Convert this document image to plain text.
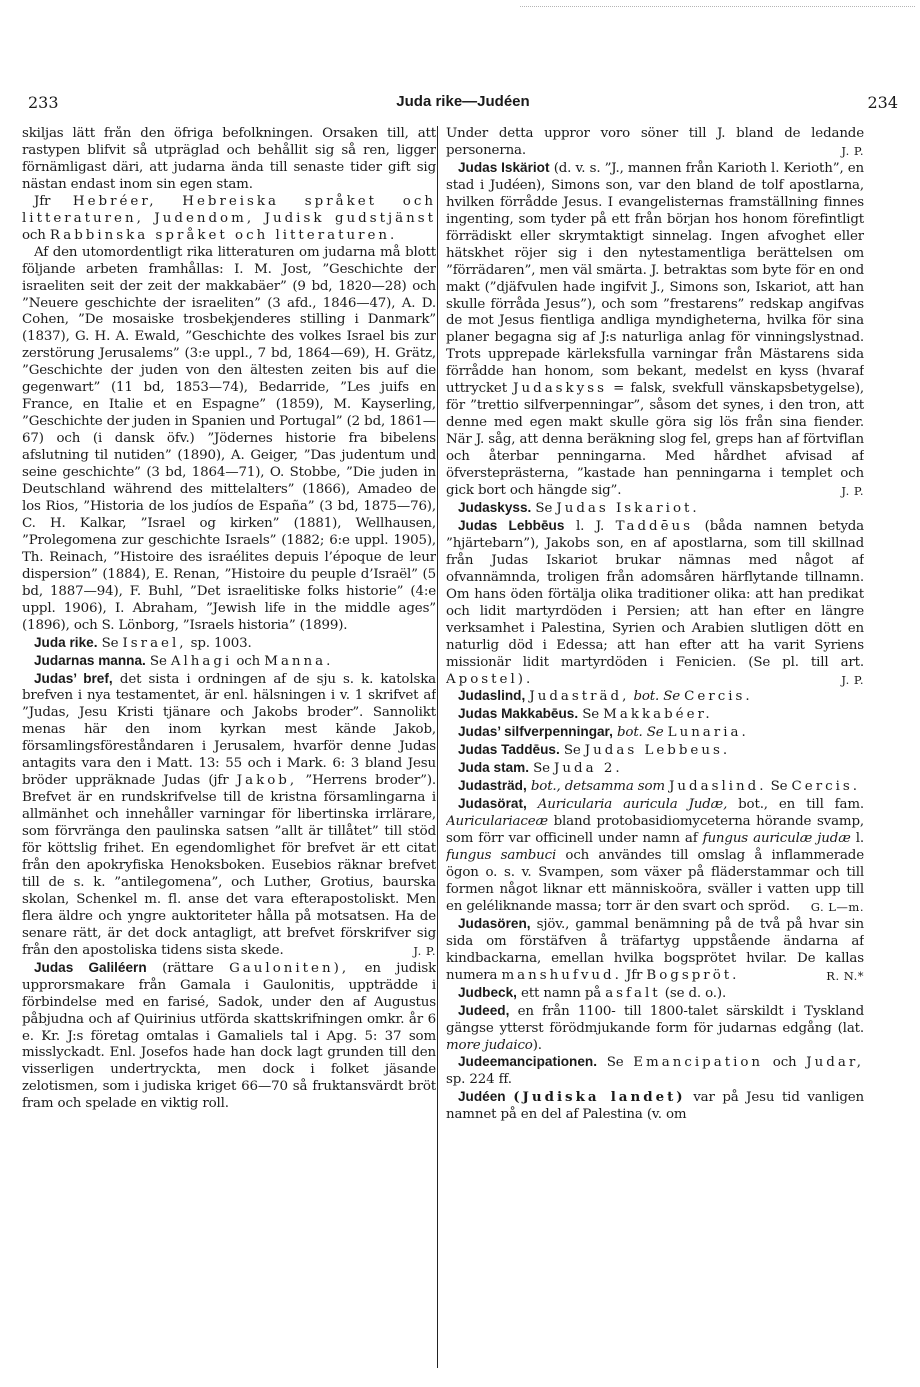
233	Juda rike—Judéen	234

skiljas lätt från den öfriga befolkningen. Orsaken till, att rastypen blifvit så utpräglad och behållit sig så ren, ligger förnämligast däri, att judarna ända till senaste tider gift sig nästan endast inom sin egen stam.

Jfr Hebréer, Hebreiska språket och litteraturen, Judendom, Judisk gudstjänst och Rabbinska språket och litteraturen.

Af den utomordentligt rika litteraturen om judarna må blott följande arbeten framhållas: I. M. Jost, ”Geschichte der israeliten seit der zeit der makkabäer” (9 bd, 1820—28) och ”Neuere geschichte der israeliten” (3 afd., 1846—47), A. D. Cohen, ”De mosaiske trosbekjenderes stilling i Danmark” (1837), G. H. A. Ewald, ”Geschichte des volkes Israel bis zur zerstörung Jerusalems” (3:e uppl., 7 bd, 1864—69), H. Grätz, ”Geschichte der juden von den ältesten zeiten bis auf die gegenwart” (11 bd, 1853—74), Bedarride, ”Les juifs en France, en Italie et en Espagne” (1859), M. Kayserling, ”Geschichte der juden in Spanien und Portugal” (2 bd, 1861—67) och (i dansk öfv.) ”Jödernes historie fra bibelens afslutning til nutiden” (1890), A. Geiger, ”Das judentum und seine geschichte” (3 bd, 1864—71), O. Stobbe, ”Die juden in Deutschland während des mittelalters” (1866), Amadeo de los Rios, ”Historia de los judíos de España” (3 bd, 1875—76), C. H. Kalkar, ”Israel og kirken” (1881), Wellhausen, ”Prolegomena zur geschichte Israels” (1882; 6:e uppl. 1905), Th. Reinach, ”Histoire des israélites depuis l’époque de leur dispersion” (1884), E. Renan, ”Histoire du peuple d’Israël” (5 bd, 1887—94), F. Buhl, ”Det israelitiske folks historie” (4:e uppl. 1906), I. Abraham, ”Jewish life in the middle ages” (1896), och S. Lönborg, ”Israels historia” (1899).

Juda rike. Se Israel, sp. 1003.

Judarnas manna. Se Alhagi och Manna.

Judas’ bref, det sista i ordningen af de sju s. k. katolska brefven i nya testamentet, är enl. hälsningen i v. 1 skrifvet af ”Judas, Jesu Kristi tjänare och Jakobs broder”. Sannolikt menas här den inom kyrkan mest kände Jakob, församlingsföreståndaren i Jerusalem, hvarför denne Judas antagits vara den i Matt. 13: 55 och i Mark. 6: 3 bland Jesu bröder uppräknade Judas (jfr Jakob, ”Herrens broder”). Brefvet är en rundskrifvelse till de kristna församlingarna i allmänhet och innehåller varningar för libertinska irrlärare, som förvränga den paulinska satsen ”allt är tillåtet” till stöd för köttslig frihet. En egendomlighet för brefvet är ett citat från den apokryfiska Henoksboken. Eusebios räknar brefvet till de s. k. ”antilegomena”, och Luther, Grotius, baurska skolan, Schenkel m. fl. anse det vara efterapostoliskt. Men flera äldre och yngre auktoriteter hålla på motsatsen. Ha de senare rätt, är det dock antagligt, att brefvet förskrifver sig från den apostoliska tidens sista skede.	J. P.

Judas Galiléern (rättare Gauloniten), en judisk upprorsmakare från Gamala i Gaulonitis, uppträdde i förbindelse med en farisé, Sadok, under den af Augustus påbjudna och af Quirinius utförda skattskrifningen omkr. år 6 e. Kr. J:s företag omtalas i Gamaliels tal i Apg. 5: 37 som misslyckadt. Enl. Josefos hade han dock lagt grunden till den visserligen undertryckta, men dock i folket jäsande zelotismen, som i judiska kriget 66—70 så fruktansvärdt bröt fram och spelade en viktig roll.

Under detta uppror voro söner till J. bland de ledande personerna.	J. P.

Judas Iskäriot (d. v. s. ”J., mannen från Karioth l. Kerioth”, en stad i Judéen), Simons son, var den bland de tolf apostlarna, hvilken förrådde Jesus. I evangelisternas framställning finnes ingenting, som tyder på ett från början hos honom förefintligt förrädiskt eller skrymtaktigt sinnelag. Ingen afvoghet eller hätskhet röjer sig i den nytestamentliga berättelsen om ”förrädaren”, men väl smärta. J. betraktas som byte för en ond makt (”djäfvulen hade ingifvit J., Simons son, Iskariot, att han skulle förråda Jesus”), och som ”frestarens” redskap angifvas de mot Jesus fientliga andliga myndigheterna, hvilka för sina planer begagna sig af J:s naturliga anlag för vinningslystnad. Trots upprepade kärleksfulla varningar från Mästarens sida förrådde han honom, som bekant, medelst en kyss (hvaraf uttrycket Judaskyss = falsk, svekfull vänskapsbetygelse), för ”trettio silfverpenningar”, såsom det synes, i den tron, att denne med egen makt skulle göra sig lös från sina fiender. När J. såg, att denna beräkning slog fel, greps han af förtviflan och återbar penningarna. Med hårdhet afvisad af öfversteprästerna, ”kastade han penningarna i templet och gick bort och hängde sig”.	J. P.

Judaskyss. Se Judas Iskariot.

Judas Lebbēus l. J. Taddēus (båda namnen betyda ”hjärtebarn”), Jakobs son, en af apostlarna, som till skillnad från Judas Iskariot brukar nämnas med något af ofvannämnda, troligen från adomsåren härflytande tillnamn. Om hans öden förtälja olika traditioner olika: att han predikat och lidit martyrdöden i Persien; att han efter en längre verksamhet i Palestina, Syrien och Arabien slutligen dött en naturlig död i Edessa; att han efter att ha varit Syriens missionär lidit martyrdöden i Fenicien. (Se pl. till art. Apostel).	J. P.

Judaslind, Judasträd, bot. Se Cercis.

Judas Makkabēus. Se Makkabéer.

Judas’ silfverpenningar, bot. Se Lunaria.

Judas Taddēus. Se Judas Lebbeus.

Juda stam. Se Juda 2.

Judasträd, bot., detsamma som Judaslind. Se Cercis.

Judasörat, Auricularia auricula Judæ, bot., en till fam. Auriculariaceæ bland protobasidiomyceterna hörande svamp, som förr var officinell under namn af fungus auriculæ judæ l. fungus sambuci och användes till omslag å inflammerade ögon o. s. v. Svampen, som växer på fläderstammar och till formen något liknar ett människoöra, sväller i vatten upp till en geléliknande massa; torr är den svart och spröd.	G. L—m.

Judasören, sjöv., gammal benämning på de två på hvar sin sida om förstäfven å träfartyg uppstående ändarna af kindbackarna, emellan hvilka bogsprötet hvilar. De kallas numera manshufvud. Jfr Bogspröt.	R. N.*

Judbeck, ett namn på asfalt (se d. o.).

Judeed, en från 1100- till 1800-talet särskildt i Tyskland gängse ytterst förödmjukande form för judarnas edgång (lat. more judaico).

Judeemancipationen. Se Emancipation och Judar, sp. 224 ff.

Judéen (Judiska landet) var på Jesu tid vanligen namnet på en del af Palestina (v. om
